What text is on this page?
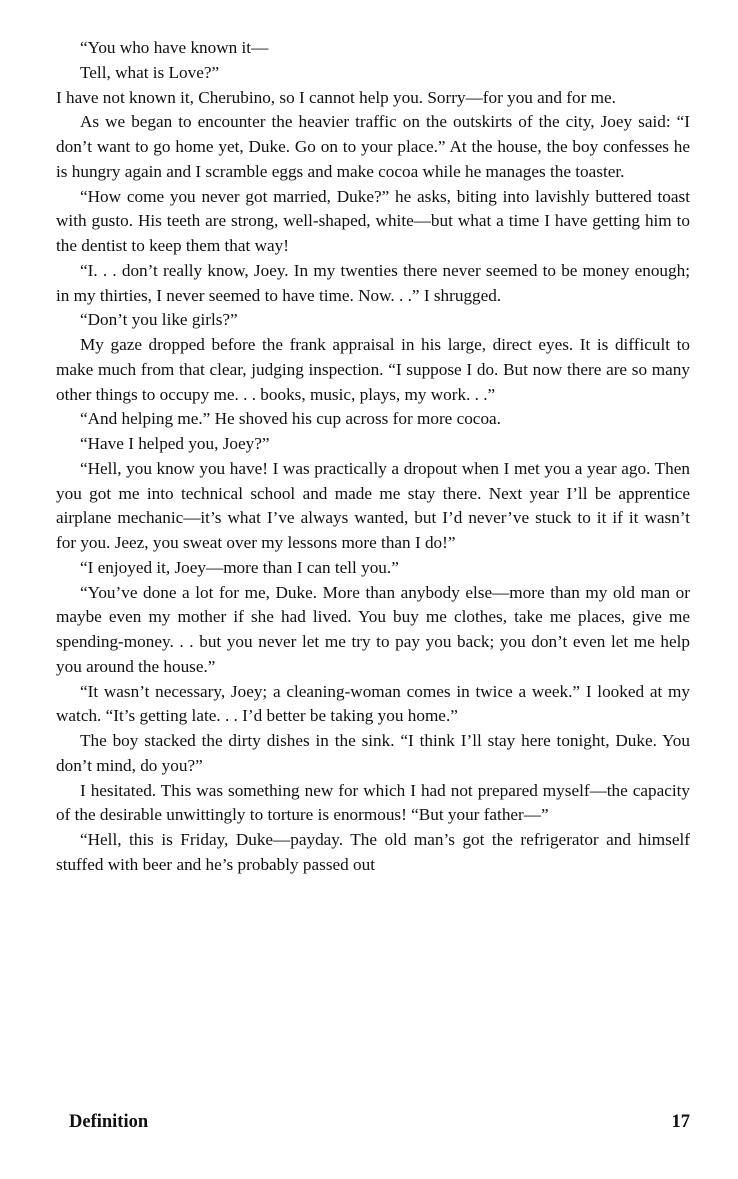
“You who have known it—

Tell, what is Love?”

I have not known it, Cherubino, so I cannot help you. Sorry—for you and for me.

As we began to encounter the heavier traffic on the outskirts of the city, Joey said: “I don’t want to go home yet, Duke. Go on to your place.” At the house, the boy confesses he is hungry again and I scramble eggs and make cocoa while he manages the toaster.

“How come you never got married, Duke?” he asks, biting into lavishly buttered toast with gusto. His teeth are strong, well-shaped, white—but what a time I have getting him to the dentist to keep them that way!

“I. . . don’t really know, Joey. In my twenties there never seemed to be money enough; in my thirties, I never seemed to have time. Now. . .” I shrugged.

“Don’t you like girls?”

My gaze dropped before the frank appraisal in his large, direct eyes. It is difficult to make much from that clear, judging inspection. “I suppose I do. But now there are so many other things to occupy me. . . books, music, plays, my work. . .”

“And helping me.” He shoved his cup across for more cocoa.

“Have I helped you, Joey?”

“Hell, you know you have! I was practically a dropout when I met you a year ago. Then you got me into technical school and made me stay there. Next year I’ll be apprentice airplane mechanic—it’s what I’ve always wanted, but I’d never’ve stuck to it if it wasn’t for you. Jeez, you sweat over my lessons more than I do!”

“I enjoyed it, Joey—more than I can tell you.”

“You’ve done a lot for me, Duke. More than anybody else—more than my old man or maybe even my mother if she had lived. You buy me clothes, take me places, give me spending-money. . . but you never let me try to pay you back; you don’t even let me help you around the house.”

“It wasn’t necessary, Joey; a cleaning-woman comes in twice a week.” I looked at my watch. “It’s getting late. . . I’d better be taking you home.”

The boy stacked the dirty dishes in the sink. “I think I’ll stay here tonight, Duke. You don’t mind, do you?”

I hesitated. This was something new for which I had not prepared myself—the capacity of the desirable unwittingly to torture is enormous! “But your father—”

“Hell, this is Friday, Duke—payday. The old man’s got the refrigerator and himself stuffed with beer and he’s probably passed out

Definition	17
